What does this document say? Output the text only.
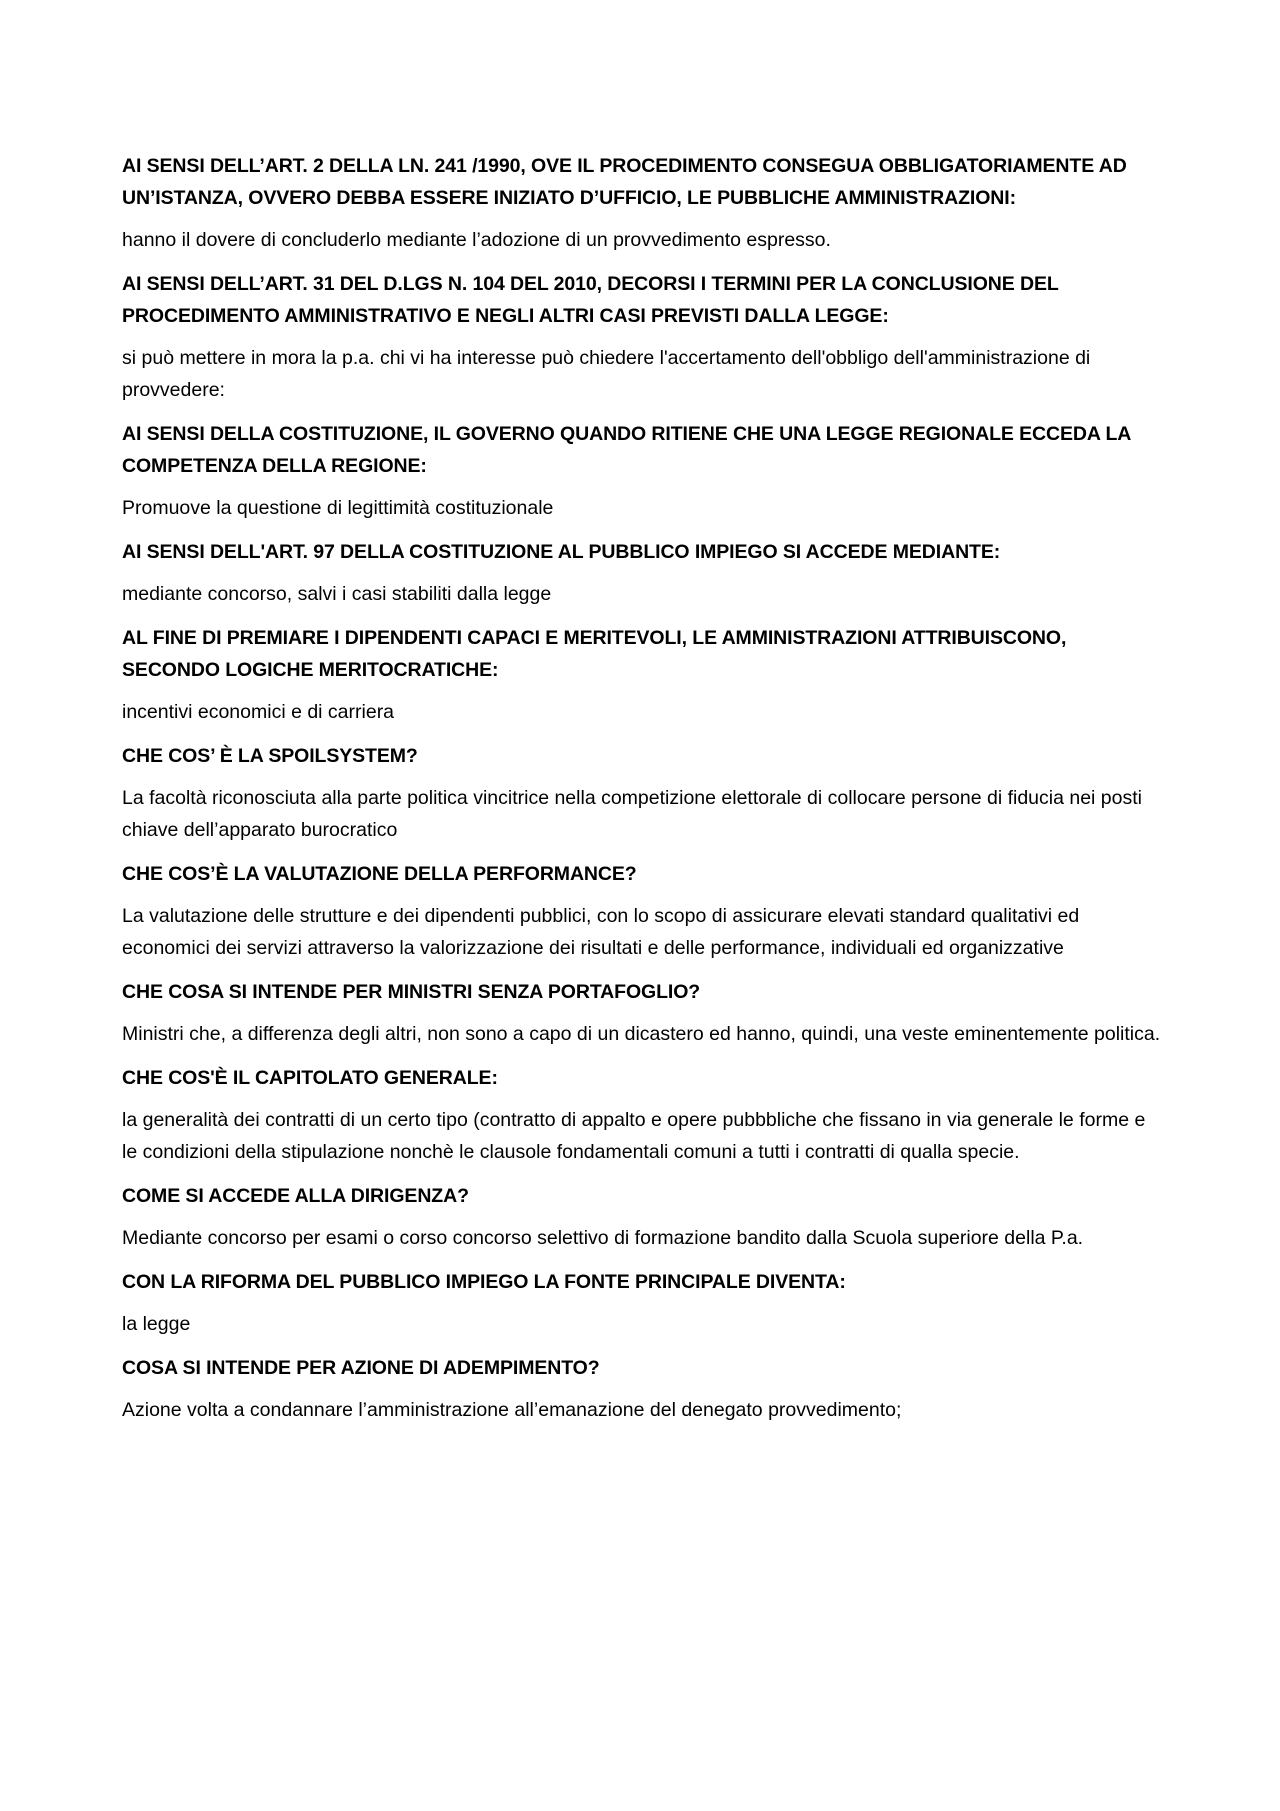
AI SENSI DELL’ART. 2 DELLA LN. 241 /1990, OVE IL PROCEDIMENTO CONSEGUA OBBLIGATORIAMENTE AD UN’ISTANZA, OVVERO DEBBA ESSERE INIZIATO D’UFFICIO, LE PUBBLICHE AMMINISTRAZIONI:

hanno il dovere di concluderlo mediante l’adozione di un provvedimento espresso.

AI SENSI DELL’ART. 31 DEL D.LGS N. 104 DEL 2010, DECORSI I TERMINI PER LA CONCLUSIONE DEL PROCEDIMENTO AMMINISTRATIVO E NEGLI ALTRI CASI PREVISTI DALLA LEGGE:

si può mettere in mora la p.a. chi vi ha interesse può chiedere l'accertamento dell'obbligo dell'amministrazione di provvedere:

AI SENSI DELLA COSTITUZIONE, IL GOVERNO QUANDO RITIENE CHE UNA LEGGE REGIONALE ECCEDA LA COMPETENZA DELLA REGIONE:

Promuove la questione di legittimità costituzionale

AI SENSI DELL'ART. 97 DELLA COSTITUZIONE AL PUBBLICO IMPIEGO SI ACCEDE MEDIANTE:

mediante concorso, salvi i casi stabiliti dalla legge

AL FINE DI PREMIARE I DIPENDENTI CAPACI E MERITEVOLI, LE AMMINISTRAZIONI ATTRIBUISCONO, SECONDO LOGICHE MERITOCRATICHE:

incentivi economici e di carriera

CHE COS’ È LA SPOILSYSTEM?

La facoltà riconosciuta alla parte politica vincitrice nella competizione elettorale di collocare persone di fiducia nei posti chiave dell’apparato burocratico

CHE COS’È LA VALUTAZIONE DELLA PERFORMANCE?

La valutazione delle strutture e dei dipendenti pubblici, con lo scopo di assicurare elevati standard qualitativi ed economici dei servizi attraverso la valorizzazione dei risultati e delle performance, individuali ed organizzative

CHE COSA SI INTENDE PER MINISTRI SENZA PORTAFOGLIO?

Ministri che, a differenza degli altri, non sono a capo di un dicastero ed hanno, quindi, una veste eminentemente politica.

CHE COS'È IL CAPITOLATO GENERALE:

la generalità dei contratti di un certo tipo (contratto di appalto e opere pubbbliche che fissano in via generale le forme e le condizioni della stipulazione nonchè le clausole fondamentali comuni a tutti i contratti di qualla specie.

COME SI ACCEDE ALLA DIRIGENZA?

Mediante concorso per esami o corso concorso selettivo di formazione bandito dalla Scuola superiore della P.a.

CON LA RIFORMA DEL PUBBLICO IMPIEGO LA FONTE PRINCIPALE DIVENTA:

la legge

COSA SI INTENDE PER AZIONE DI ADEMPIMENTO?

Azione volta a condannare l’amministrazione all’emanazione del denegato provvedimento;
